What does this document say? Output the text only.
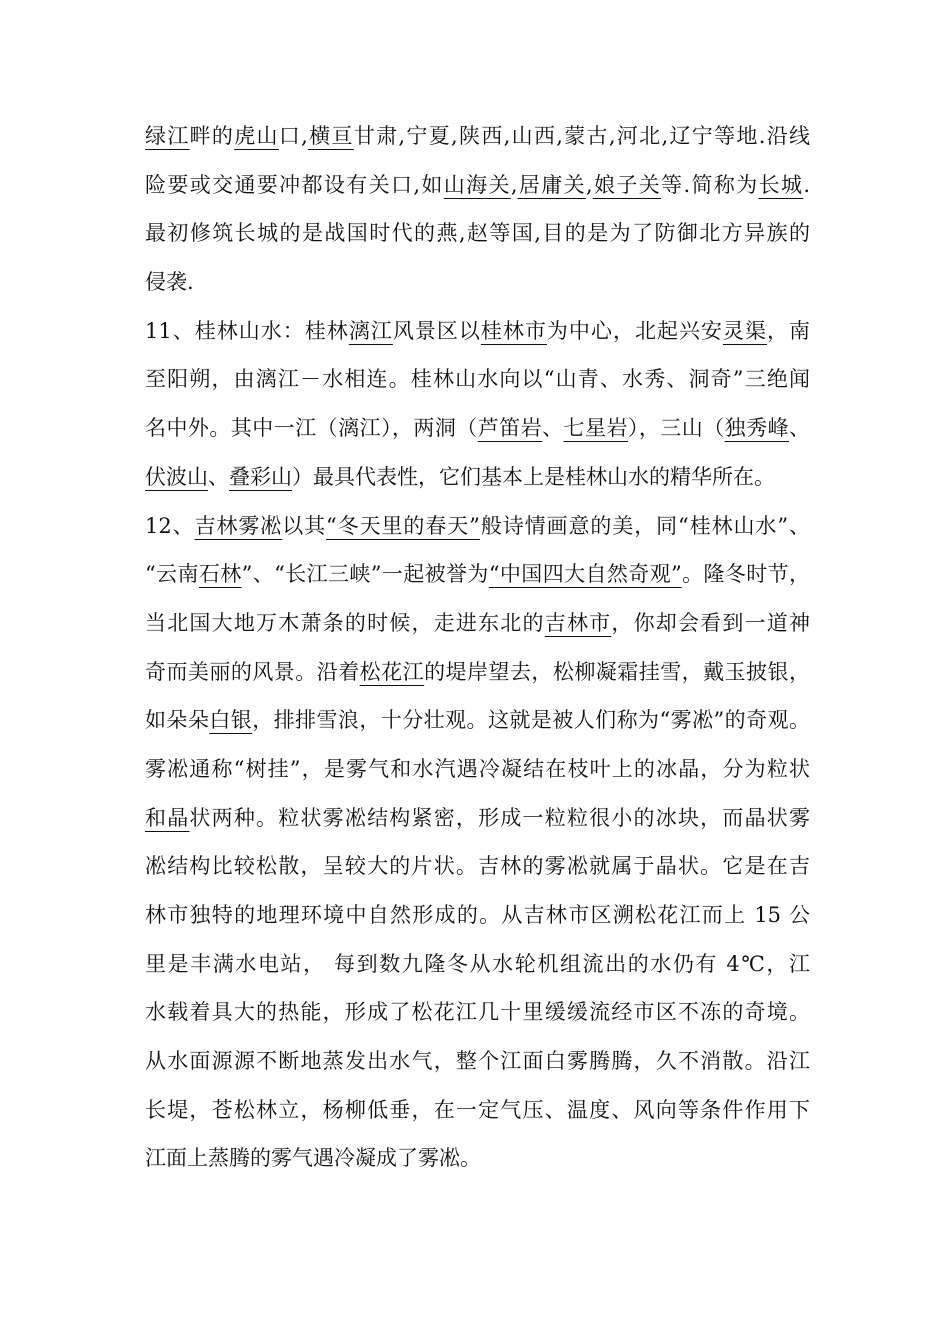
绿江畔的虎山口,横亘甘肃,宁夏,陕西,山西,蒙古,河北,辽宁等地.沿线
险要或交通要冲都设有关口,如山海关,居庸关,娘子关等.简称为长城.
最初修筑长城的是战国时代的燕,赵等国,目的是为了防御北方异族的
侵袭.
11、桂林山水：桂林漓江风景区以桂林市为中心，北起兴安灵渠，南
至阳朔，由漓江－水相连。桂林山水向以“山青、水秀、洞奇”三绝闻
名中外。其中一江（漓江），两洞（芦笛岩、七星岩），三山（独秀峰、
伏波山、叠彩山）最具代表性，它们基本上是桂林山水的精华所在。
12、吉林雾凇以其“冬天里的春天”般诗情画意的美，同“桂林山水”、
“云南石林”、“长江三峡”一起被誉为“中国四大自然奇观”。隆冬时节，
当北国大地万木萧条的时候，走进东北的吉林市，你却会看到一道神
奇而美丽的风景。沿着松花江的堤岸望去，松柳凝霜挂雪，戴玉披银，
如朵朵白银，排排雪浪，十分壮观。这就是被人们称为“雾凇”的奇观。
雾凇通称“树挂”，是雾气和水汽遇冷凝结在枝叶上的冰晶，分为粒状
和晶状两种。粒状雾凇结构紧密，形成一粒粒很小的冰块，而晶状雾
凇结构比较松散，呈较大的片状。吉林的雾凇就属于晶状。它是在吉
林市独特的地理环境中自然形成的。从吉林市区溯松花江而上 15 公
里是丰满水电站， 每到数九隆冬从水轮机组流出的水仍有 4℃，江
水载着具大的热能，形成了松花江几十里缓缓流经市区不冻的奇境。
从水面源源不断地蒸发出水气，整个江面白雾腾腾，久不消散。沿江
长堤，苍松林立，杨柳低垂，在一定气压、温度、风向等条件作用下
江面上蒸腾的雾气遇冷凝成了雾凇。
